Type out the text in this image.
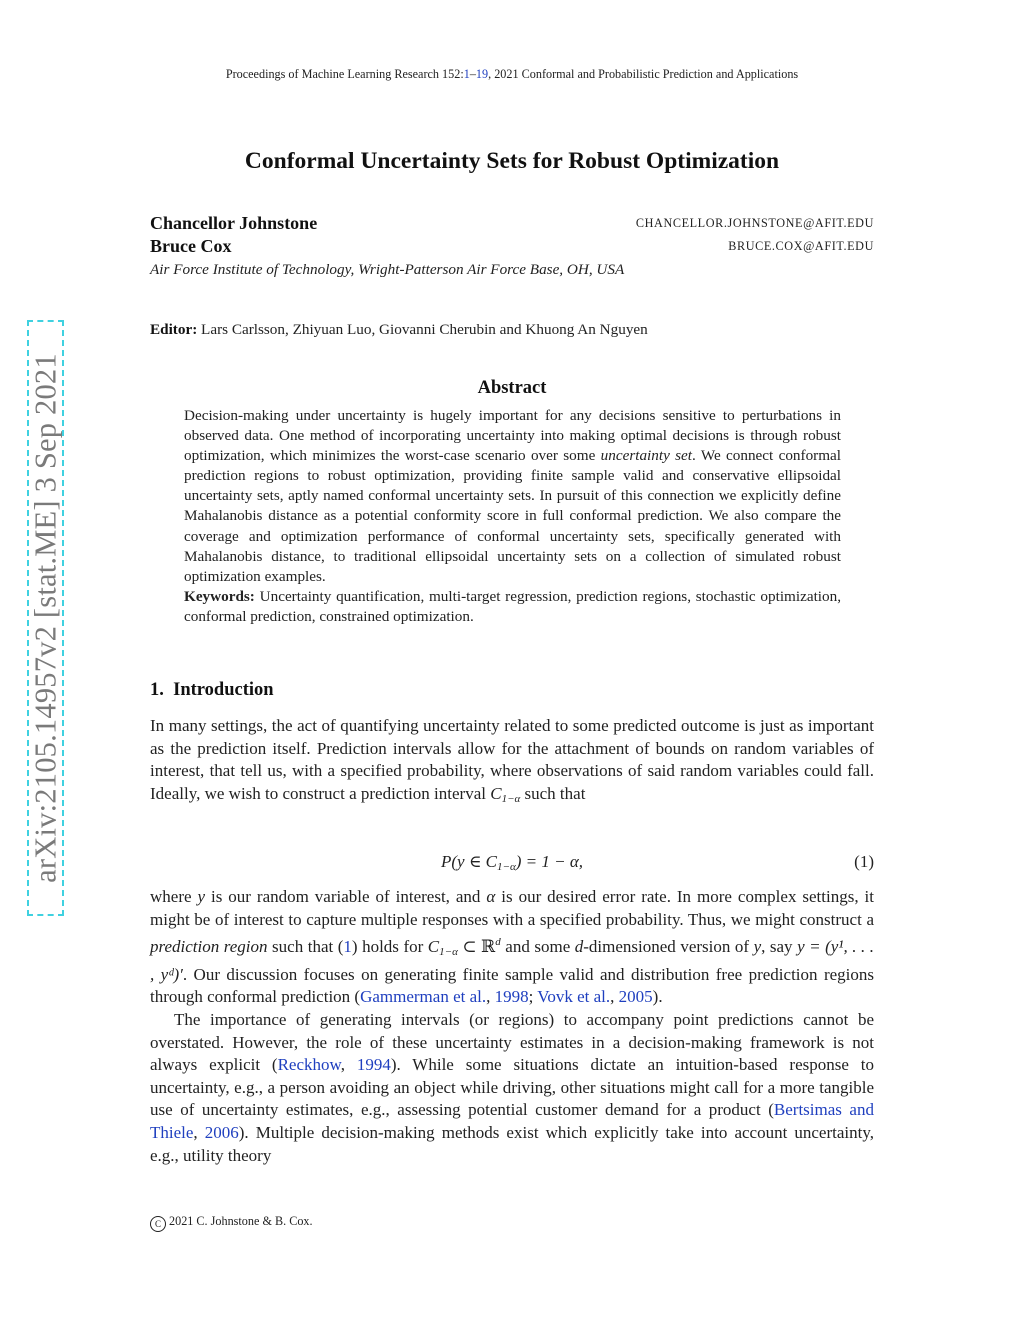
Proceedings of Machine Learning Research 152:1–19, 2021 Conformal and Probabilistic Prediction and Applications
arXiv:2105.14957v2 [stat.ME] 3 Sep 2021
Conformal Uncertainty Sets for Robust Optimization
Chancellor Johnstone	CHANCELLOR.JOHNSTONE@AFIT.EDU
Bruce Cox	BRUCE.COX@AFIT.EDU
Air Force Institute of Technology, Wright-Patterson Air Force Base, OH, USA
Editor: Lars Carlsson, Zhiyuan Luo, Giovanni Cherubin and Khuong An Nguyen
Abstract

Decision-making under uncertainty is hugely important for any decisions sensitive to perturbations in observed data. One method of incorporating uncertainty into making optimal decisions is through robust optimization, which minimizes the worst-case scenario over some uncertainty set. We connect conformal prediction regions to robust optimization, providing finite sample valid and conservative ellipsoidal uncertainty sets, aptly named conformal uncertainty sets. In pursuit of this connection we explicitly define Mahalanobis distance as a potential conformity score in full conformal prediction. We also compare the coverage and optimization performance of conformal uncertainty sets, specifically generated with Mahalanobis distance, to traditional ellipsoidal uncertainty sets on a collection of simulated robust optimization examples.

Keywords: Uncertainty quantification, multi-target regression, prediction regions, stochastic optimization, conformal prediction, constrained optimization.

1. Introduction

In many settings, the act of quantifying uncertainty related to some predicted outcome is just as important as the prediction itself. Prediction intervals allow for the attachment of bounds on random variables of interest, that tell us, with a specified probability, where observations of said random variables could fall. Ideally, we wish to construct a prediction interval $C_{1-\alpha}$ such that

P(y ∈ $C_{1-\alpha}) = 1 - \alpha$,	(1)

where y is our random variable of interest, and α is our desired error rate. In more complex settings, it might be of interest to capture multiple responses with a specified probability. Thus, we might construct a prediction region such that (1) holds for $C_{1-\alpha}$ ⊂ ℝ$^d$ and some d-dimensioned version of y, say y = (y¹, . . . , yᵈ)′. Our discussion focuses on generating finite sample valid and distribution free prediction regions through conformal prediction (Gammerman et al., 1998; Vovk et al., 2005).

The importance of generating intervals (or regions) to accompany point predictions cannot be overstated. However, the role of these uncertainty estimates in a decision-making framework is not always explicit (Reckhow, 1994). While some situations dictate an intuition-based response to uncertainty, e.g., a person avoiding an object while driving, other situations might call for a more tangible use of uncertainty estimates, e.g., assessing potential customer demand for a product (Bertsimas and Thiele, 2006). Multiple decision-making methods exist which explicitly take into account uncertainty, e.g., utility theory

C 2021 C. Johnstone & B. Cox.
